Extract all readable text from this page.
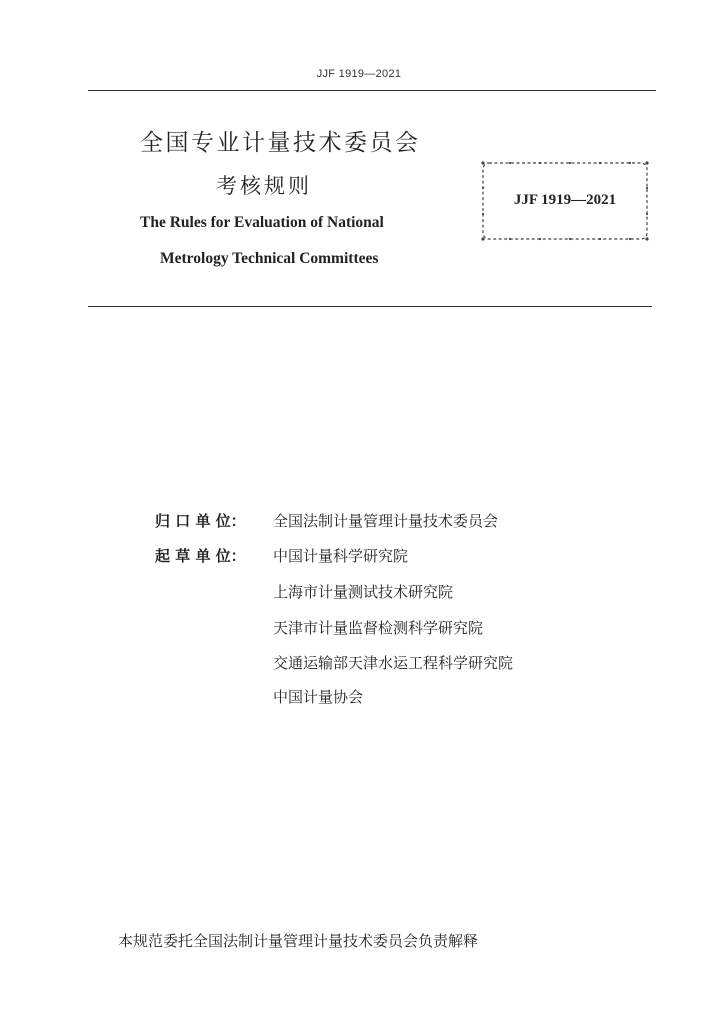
JJF 1919—2021
全国专业计量技术委员会
考核规则
The Rules for Evaluation of National
Metrology Technical Committees
JJF 1919—2021
归 口 单 位： 全国法制计量管理计量技术委员会
起 草 单 位： 中国计量科学研究院
上海市计量测试技术研究院
天津市计量监督检测科学研究院
交通运输部天津水运工程科学研究院
中国计量协会
本规范委托全国法制计量管理计量技术委员会负责解释
